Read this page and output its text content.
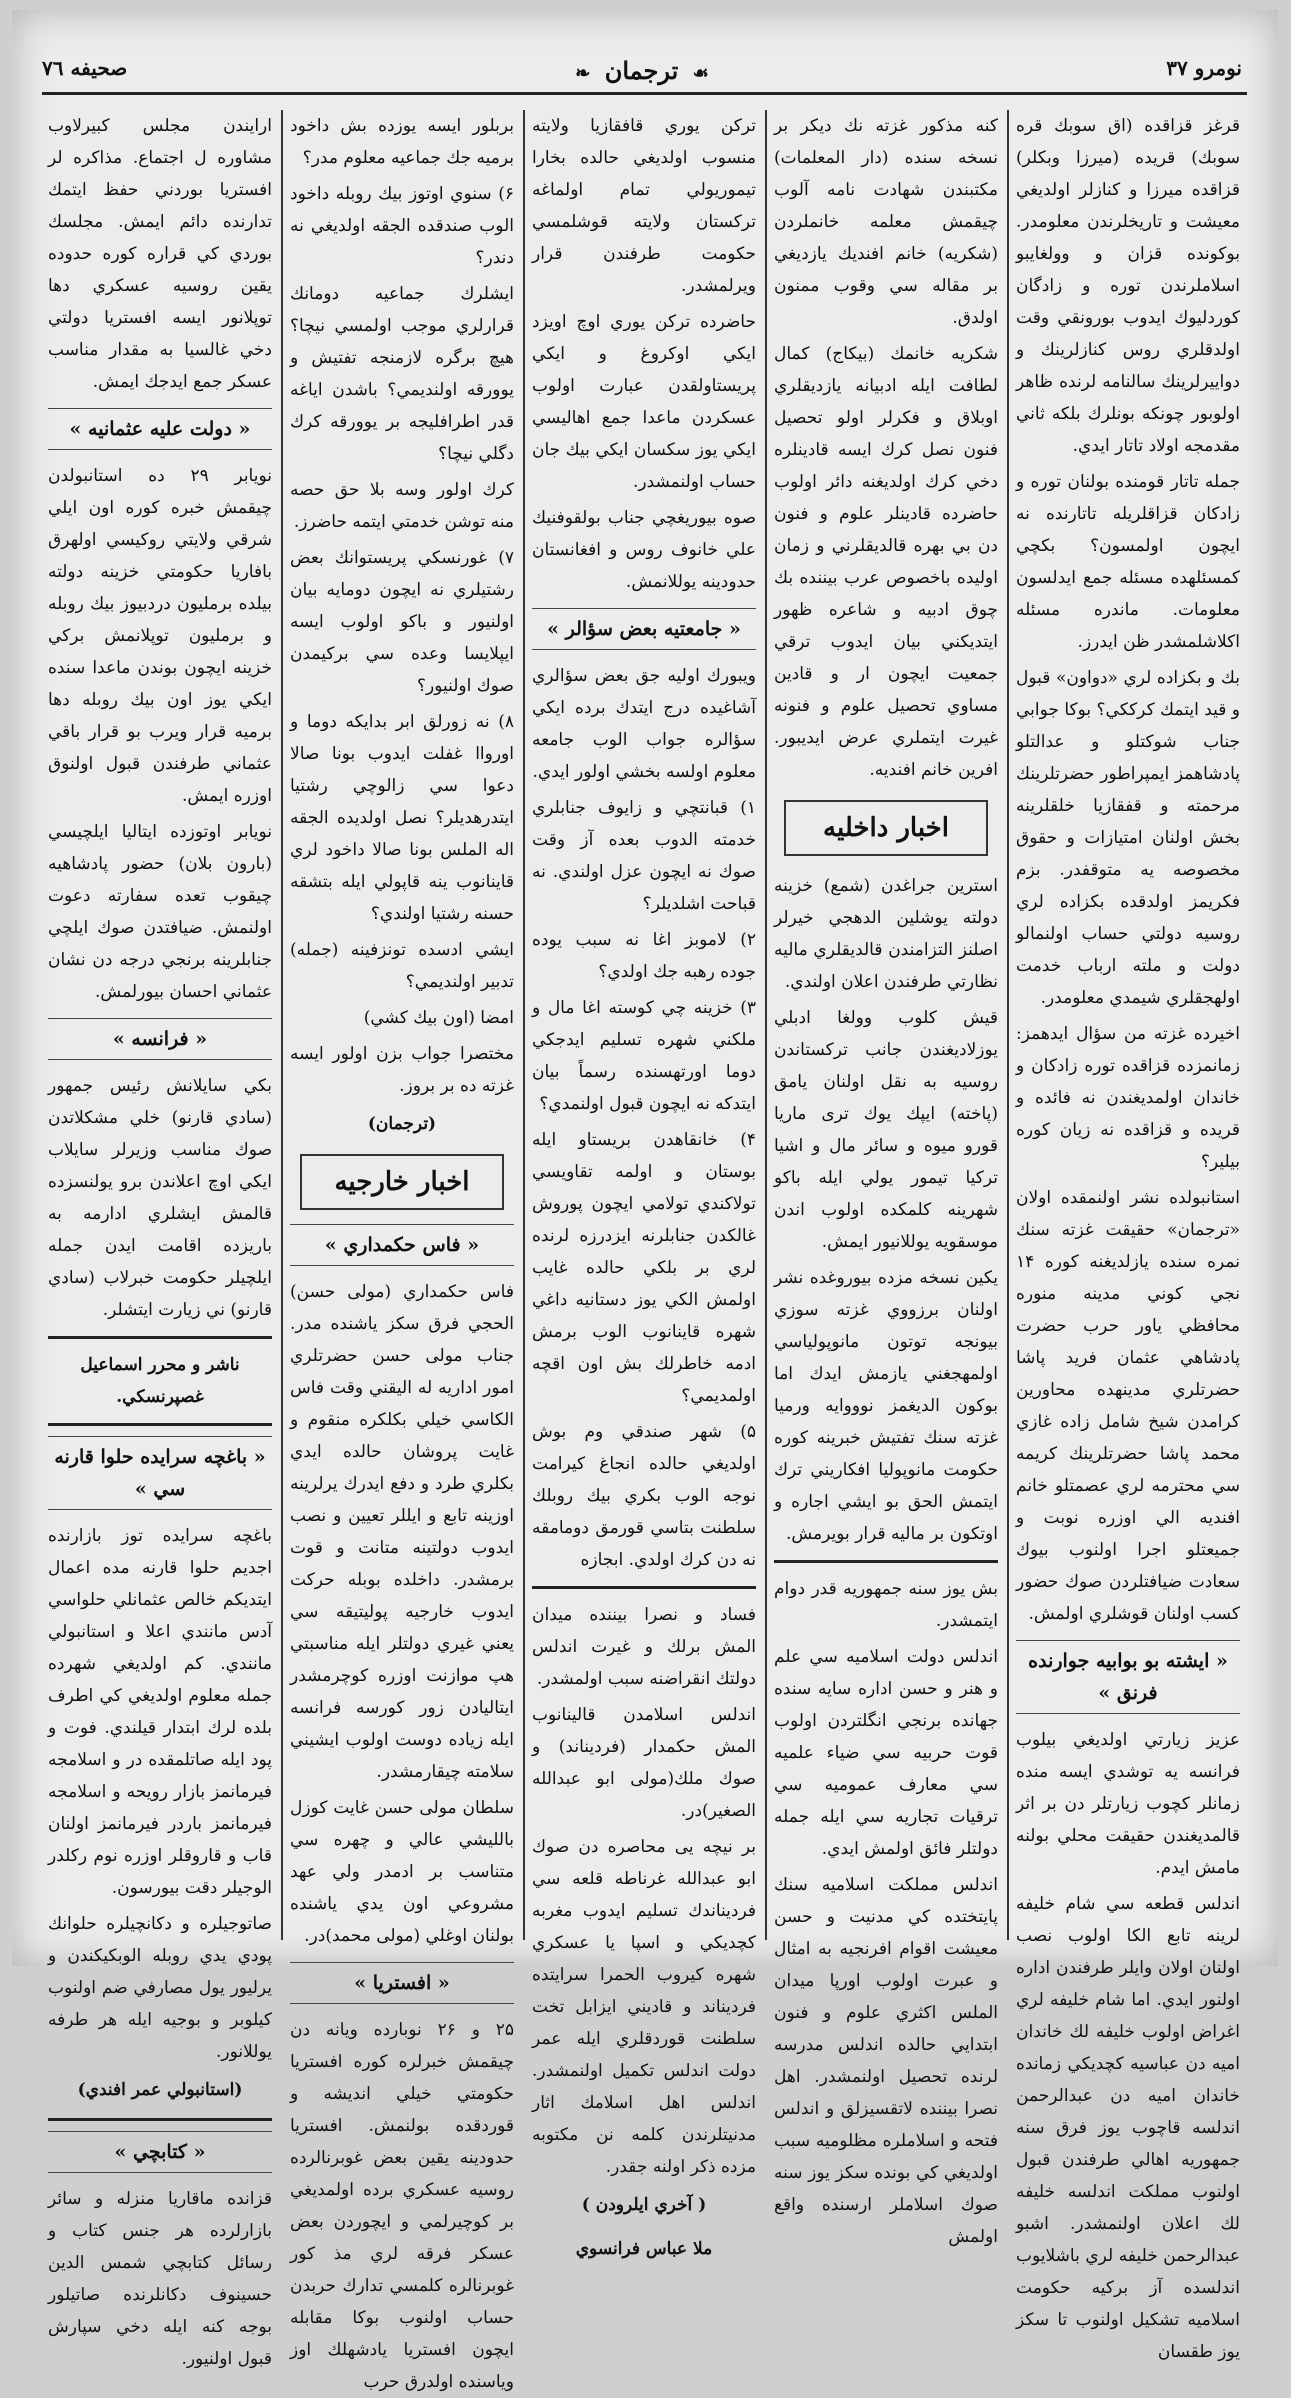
نومرو ۳۷
☙ ترجمان ❧
صحيفه ٧٦

قرغز قزاقده (اق سوبك قره سوبك) قريده (ميرزا وبكلر) قزاقده ميرزا و كنازلر اولديغي معيشت و تاريخلرندن معلومدر. بوكونده قزان و وولغايبو اسلاملرندن توره و زادگان كوردليوك ايدوب بورونقي وقت اولدقلري روس كنازلرينك و دواييرلرينك سالنامه لرنده ظاهر اولوبور چونكه بونلرك بلكه ثاني مقدمجه اولاد تاتار ايدي.

جمله تاتار قومنده بولنان توره و زادكان قزاقلريله تاتارنده نه ايچون اولمسون؟ بكچي كمسئلهده مسئله جمع ايدلسون معلومات. ماندره مسئله اكلاشلمشدر ظن ايدرز.

بك و بكزاده لري «دواون» قبول و قيد ايتمك كرككي؟ بوكا جوابي جناب شوكتلو و عدالتلو پادشاهمز ايمپراطور حضرتلرينك مرحمته و قفقازيا خلقلرينه بخش اولنان امتيازات و حقوق مخصوصه يه متوقفدر. بزم فكريمز اولدقده بكزاده لري روسيه دولتي حساب اولنمالو دولت و ملته ارباب خدمت اولهجقلري شيمدي معلومدر.

اخيرده غزته من سؤال ايدهمز: زمانمزده قزاقده توره زادكان و خاندان اولمديغندن نه فائده و قريده و قزاقده نه زيان كوره بيلير؟

استانبولده نشر اولنمقده اولان «ترجمان» حقيقت غزته سنك نمره سنده يازلديغنه كوره ۱۴ نجي كوني مدينه منوره محافظي ياور حرب حضرت پادشاهي عثمان فريد پاشا حضرتلري مدينهده محاورين كرامدن شيخ شامل زاده غازي محمد پاشا حضرتلرينك كريمه سي محترمه لري عصمتلو خانم افنديه الي اوزره نوبت و جميعتلو اجرا اولنوب بيوك سعادت ضيافتلردن صوك حضور كسب اولنان قوشلري اولمش.

« ايشته بو بوابيه جوارنده فرنق »

عزيز زيارتي اولديغي بيلوب فرانسه يه توشدي ايسه منده زمانلر كچوب زيارتلر دن بر اثر قالمديغندن حقيقت محلي بولنه مامش ايدم.

اندلس قطعه سي شام خليفه لرينه تابع الكا اولوب نصب اولنان اولان وايلر طرفندن اداره اولنور ايدي. اما شام خليفه لري اغراض اولوب خليفه لك خاندان اميه دن عباسيه كچديكي زمانده خاندان اميه دن عبدالرحمن اندلسه قاچوب يوز فرق سنه جمهوريه اهالي طرفندن قبول اولنوب مملكت اندلسه خليفه لك اعلان اولنمشدر. اشبو عبدالرحمن خليفه لري باشلايوب اندلسده آز بركيه حكومت اسلاميه تشكيل اولنوب تا سكز يوز طقسان

كنه مذكور غزته نك ديكر بر نسخه سنده (دار المعلمات) مكتبندن شهادت نامه آلوب چيقمش معلمه خانملردن (شكريه) خانم افنديك يازديغي بر مقاله سي وقوب ممنون اولدق.

شكريه خانمك (بيكاج) كمال لطافت ايله ادبيانه يازديقلري اوبلاق و فكرلر اولو تحصيل فنون نصل كرك ايسه قادينلره دخي كرك اولديغنه دائر اولوب حاضرده قادينلر علوم و فنون دن بي بهره قالديقلرني و زمان اوليده باخصوص عرب بيننده بك چوق ادبيه و شاعره ظهور ايتديكني بيان ايدوب ترقي جمعيت ايچون ار و قادين مساوي تحصيل علوم و فنونه غيرت ايتملري عرض ايديبور. افرين خانم افنديه.

اخبار داخليه

استرين جراغدن (شمع) خزينه دولته يوشلين الدهجي خيرلر اصلنز التزامندن قالديقلري ماليه نظارتي طرفندن اعلان اولندي.

قيش كلوب وولغا ادبلي يوزلاديغندن جانب تركستاندن روسيه به نقل اولنان يامق (پاخته) ايپك يوك ترى ماريا قورو ميوه و سائر مال و اشيا تركيا تيمور يولي ايله باكو شهرينه كلمكده اولوب اندن موسقويه يوللانيور ايمش.

يكين نسخه مزده بيوروغده نشر اولنان برزووي غزته سوزي بيونجه توتون مانوپولياسي اولمهجغني يازمش ايدك اما بوكون الديغمز نوووايه ورميا غزته سنك تفتيش خبرينه كوره حكومت مانوپوليا افكاريني ترك ايتمش الحق بو ايشي اجاره و اوتكون بر ماليه قرار بويرمش.

بش يوز سنه جمهوريه قدر دوام ايتمشدر.

اندلس دولت اسلاميه سي علم و هنر و حسن اداره سايه سنده جهانده برنجي انگلتردن اولوب قوت حربيه سي ضياء علميه سي معارف عموميه سي ترقيات تجاريه سي ايله جمله دولتلر فائق اولمش ايدي.

اندلس مملكت اسلاميه سنك پايتختده كي مدنيت و حسن معيشت اقوام افرنجيه به امثال و عبرت اولوب اورپا ميدان الملس اكثري علوم و فنون ابتدايي حالده اندلس مدرسه لرنده تحصيل اولنمشدر. اهل نصرا بيننده لاتقسيزلق و اندلس فتحه و اسلاملره مظلوميه سبب اولديغي كي بونده سكز يوز سنه صوك اسلاملر ارسنده واقع اولمش

تركن يوري قافقازيا ولايته منسوب اولديغي حالده بخارا تيموريولي تمام اولماغه تركستان ولايته قوشلمسي حكومت طرفندن قرار ويرلمشدر.

حاضرده تركن يوري اوچ اويزد ايكي اوكروغ و ايكي پريستاولقدن عبارت اولوب عسكردن ماعدا جمع اهاليسي ايكي يوز سكسان ايكي بيك جان حساب اولنمشدر.

صوه بيوريغچي جناب بولقوفنيك علي خانوف روس و افغانستان حدودينه يوللانمش.

« جامعتيه بعض سؤالر »

ويبورك اوليه جق بعض سؤالري آشاغيده درج ايتدك برده ايكي سؤالره جواب الوب جامعه معلوم اولسه بخشي اولور ايدي.

۱) قبانتچي و زايوف جنابلري خدمته الدوب بعده آز وقت صوك نه ايچون عزل اولندي. نه قباحت اشلديلر؟

۲) لاموبز اغا نه سبب يوده جوده رهبه جك اولدي؟

۳) خزينه چي كوسته اغا مال و ملكني شهره تسليم ايدجكي دوما اورتهسنده رسماً بيان ايتدكه نه ايچون قبول اولنمدي؟

۴) خانقاهدن بريستاو ايله بوستان و اولمه تقاويسي تولاكندي تولامي ايچون پوروش غالكدن جنابلرنه ايزدرزه لرنده لري بر بلكي حالده غايب اولمش الكي يوز دستانيه داغي شهره قاينانوب الوب برمش ادمه خاطرلك بش اون اقچه اولمديمي؟

۵) شهر صندقي وم بوش اولديغي حالده انجاغ كيرامت نوجه الوب بكري بيك روبلك سلطنت بتاسي قورمق دومامقه نه دن كرك اولدي. ابجازه

فساد و نصرا بيننده ميدان المش برلك و غيرت اندلس دولتك انقراضنه سبب اولمشدر.

اندلس اسلامدن قالينانوب المش حكمدار (فرديناند) و صوك ملك(مولى ابو عبدالله الصغير)در.

بر نيچه يى محاصره دن صوك ابو عبدالله غرناطه قلعه سي فرديناندك تسليم ايدوب مغربه كچديكي و اسپا يا عسكري شهره كيروب الحمرا سرايتده فرديناند و قاديني ايزابل تخت سلطنت قوردقلري ايله عمر دولت اندلس تكميل اولنمشدر. اندلس اهل اسلامك اثار مدنيتلرندن كلمه نن مكتوبه مزده ذكر اولنه جقدر.

( آخري ايلرودن )
ملا عباس فرانسوي

بربلور ايسه يوزده بش داخود برميه جك جماعيه معلوم مدر؟

۶) سنوي اوتوز بيك روبله داخود الوب صندقده الجقه اولديغي نه دندر؟

ايشلرك جماعيه دومانك قرارلري موجب اولمسي نيچا؟ هيچ برگره لازمنجه تفتيش و يوورقه اولنديمي؟ باشدن اياغه قدر اطرافليجه بر يوورقه كرك دگلي نيچا؟

كرك اولور وسه بلا حق حصه منه توشن خدمتي ايتمه حاضرز.

۷) غورنسكي پريستوانك بعض رشتيلري نه ايچون دومايه بيان اولنيور و باكو اولوب ايسه ايپلايسا وعده سي بركيمدن صوك اولنيور؟

۸) نه زورلق ابر بدايكه دوما و اورواا غفلت ايدوب بونا صالا دعوا سي زالوچي رشتيا ايتدرهديلر؟ نصل اولديده الجقه اله الملس بونا صالا داخود لري قاينانوب ينه قاپولي ايله بتشقه حسنه رشتيا اولندي؟

ايشي ادسده تونزفينه (جمله) تدبير اولنديمي؟

امضا (اون بيك كشي)

مختصرا جواب بزن اولور ايسه غزته ده بر بروز.

(ترجمان)
اخبار خارجيه
« فاس حكمداري »

فاس حكمداري (مولى حسن) الحجي فرق سكز ياشنده مدر. جناب مولى حسن حضرتلري امور اداريه له اليقني وقت فاس الكاسي خيلي بكلكره منقوم و غايت پروشان حالده ايدي بكلري طرد و دفع ايدرك يرلرينه اوزينه تابع و ايللر تعيين و نصب ايدوب دولتينه متانت و قوت برمشدر. داخلده بوبله حركت ايدوب خارجيه پوليتيقه سي يعني غيري دولتلر ايله مناسبتي هپ موازنت اوزره كوچرمشدر ايتاليادن زور كورسه فرانسه ايله زياده دوست اولوب ايشيني سلامته چيقارمشدر.

سلطان مولى حسن غايت كوزل بالليشي عالي و چهره سي متناسب بر ادمدر ولي عهد مشروعي اون يدي ياشنده بولنان اوغلي (مولى محمد)در.

« افستريا »

۲۵ و ۲۶ نوبارده ويانه دن چيقمش خبرلره كوره افستريا حكومتي خيلي انديشه و قوردقده بولنمش. افستريا حدودينه يقين بعض غوبرنالرده روسيه عسكري برده اولمديغي بر كوچيرلمي و ايچوردن بعض عسكر فرقه لري مذ كور غوبرنالره كلمسي تدارك حربدن حساب اولنوب بوكا مقابله ايچون افستريا يادشهلك اوز وياسنده اولدرق حرب

ارايندن مجلس كبيرلاوب مشاوره ل اجتماع. مذاكره لر افستريا بوردني حفظ ايتمك تدارنده دائم ايمش. مجلسك بوردي كي قراره كوره حدوده يقين روسيه عسكري دها توپلانور ايسه افستريا دولتي دخي غالسيا به مقدار مناسب عسكر جمع ايدجك ايمش.

« دولت عليه عثمانيه »

نويابر ۲۹ ده استانبولدن چيقمش خبره كوره اون ايلي شرقي ولايتي روكيسي اولهرق بافاريا حكومتي خزينه دولته بيلده برمليون دردبيوز بيك روبله و برمليون توپلانمش بركي خزينه ايچون بوندن ماعدا سنده ايكي يوز اون بيك روبله دها برميه قرار ويرب بو قرار باقي عثماني طرفندن قبول اولنوق اوزره ايمش.

نويابر اوتوزده ايتاليا ايلچيسي (بارون بلان) حضور پادشاهيه چيقوب تعده سفارته دعوت اولنمش. ضيافتدن صوك ايلچي جنابلرينه برنجي درجه دن نشان عثماني احسان بيورلمش.

« فرانسه »

بكي سايلانش رئيس جمهور (سادي قارنو) خلي مشكلاتدن صوك مناسب وزيرلر سايلاب ايكي اوچ اعلاندن برو يولنسزده قالمش ايشلري ادارمه به باريزده اقامت ايدن جمله ايلچيلر حكومت خبرلاب (سادي قارنو) ني زيارت ايتشلر.

ناشر و محرر اسماعيل غصپرنسكي.
« باغچه سرايده حلوا قارنه سي »

باغچه سرايده توز بازارنده اجديم حلوا قارنه مده اعمال ايتديكم خالص عثمانلي حلواسي آدس مانندي اعلا و استانبولي مانندي. كم اولديغي شهرده جمله معلوم اولديغي كي اطرف بلده لرك ابتدار قيلندي. فوت و پود ايله صاتلمقده در و اسلامجه فيرمانمز بازار رويحه و اسلامجه فيرمانمز باردر فيرمانمز اولنان قاب و قاروقلر اوزره نوم ركلدر الوجيلر دقت بيورسون.

صاتوجيلره و دكانچيلره حلوانك پودي يدي روبله الوبكيكندن و يرليور يول مصارفي ضم اولنوب كيلوبر و بوجيه ايله هر طرفه يوللانور.

(استانبولي عمر افندي)
« كتابچي »

قزانده ماقاريا منزله و سائر بازارلرده هر جنس كتاب و رسائل كتابچي شمس الدين حسينوف دكانلرنده صاتيلور بوجه كنه ايله دخي سپارش قبول اولنيور.
